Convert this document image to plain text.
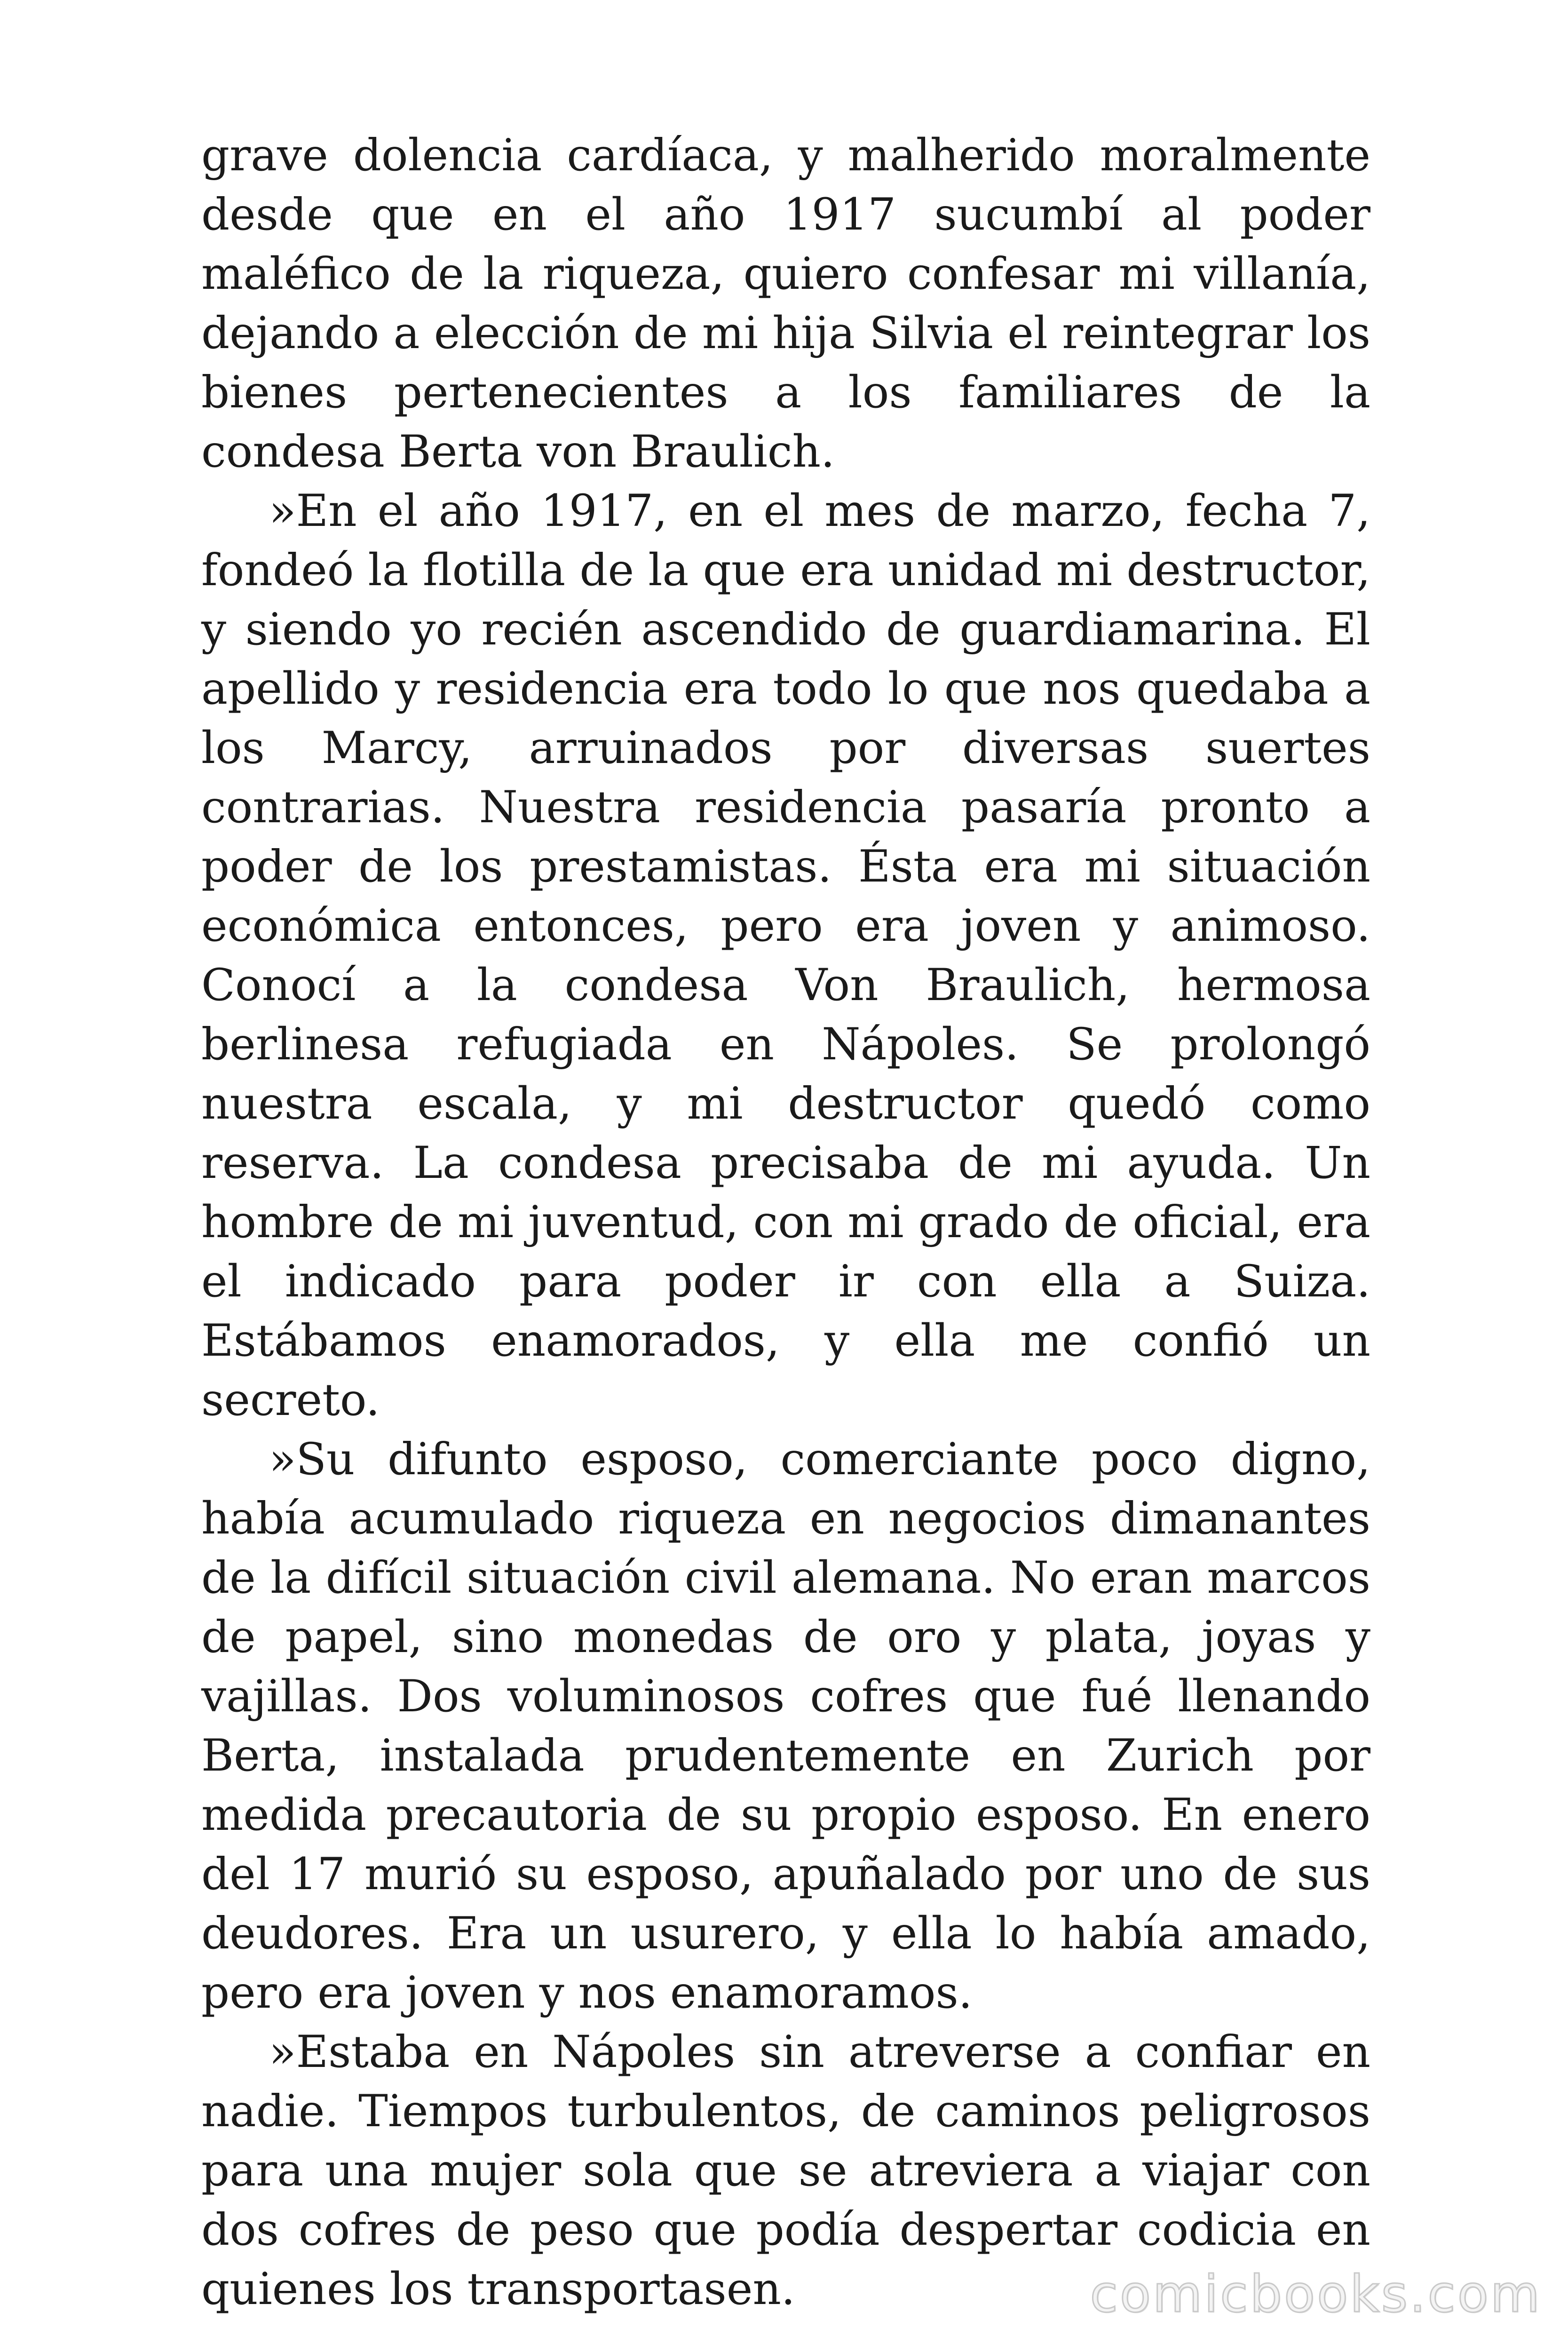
grave dolencia cardíaca, y malherido moralmente desde que en el año 1917 sucumbí al poder maléfico de la riqueza, quiero confesar mi villanía, dejando a elección de mi hija Silvia el reintegrar los bienes pertenecientes a los familiares de la condesa Berta von Braulich.

»En el año 1917, en el mes de marzo, fecha 7, fondeó la flotilla de la que era unidad mi destructor, y siendo yo recién ascendido de guardiamarina. El apellido y residencia era todo lo que nos quedaba a los Marcy, arruinados por diversas suertes contrarias. Nuestra residencia pasaría pronto a poder de los prestamistas. Ésta era mi situación económica entonces, pero era joven y animoso. Conocí a la condesa Von Braulich, hermosa berlinesa refugiada en Nápoles. Se prolongó nuestra escala, y mi destructor quedó como reserva. La condesa precisaba de mi ayuda. Un hombre de mi juventud, con mi grado de oficial, era el indicado para poder ir con ella a Suiza. Estábamos enamorados, y ella me confió un secreto.

»Su difunto esposo, comerciante poco digno, había acumulado riqueza en negocios dimanantes de la difícil situación civil alemana. No eran marcos de papel, sino monedas de oro y plata, joyas y vajillas. Dos voluminosos cofres que fué llenando Berta, instalada prudentemente en Zurich por medida precautoria de su propio esposo. En enero del 17 murió su esposo, apuñalado por uno de sus deudores. Era un usurero, y ella lo había amado, pero era joven y nos enamoramos.

»Estaba en Nápoles sin atreverse a confiar en nadie. Tiempos turbulentos, de caminos peligrosos para una mujer sola que se atreviera a viajar con dos cofres de peso que podía despertar codicia en quienes los transportasen.	comicbooks.com
